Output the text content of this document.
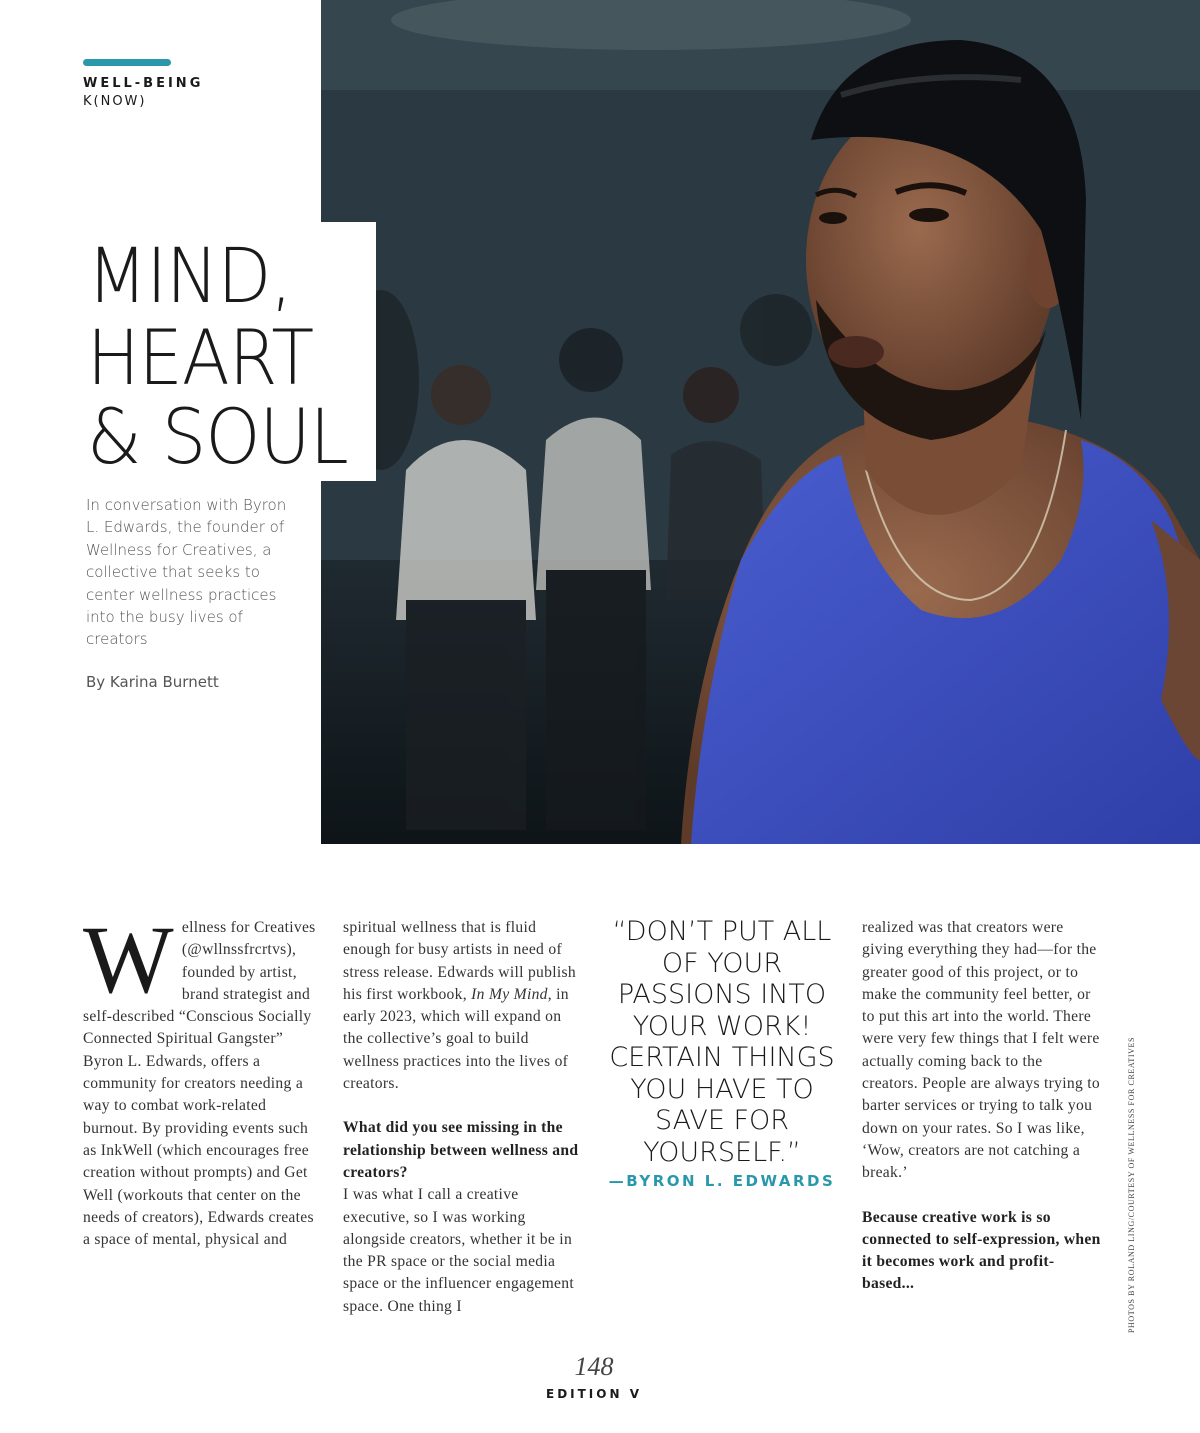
WELL-BEING
K(NOW)
MIND,
HEART
& SOUL
In conversation with Byron L. Edwards, the founder of Wellness for Creatives, a collective that seeks to center wellness practices into the busy lives of creators
By Karina Burnett

Wellness for Creatives (@wllnssfrcrtvs), founded by artist, brand strategist and self-described “Conscious Socially Connected Spiritual Gangster” Byron L. Edwards, offers a community for creators needing a way to combat work-related burnout. By providing events such as InkWell (which encourages free creation without prompts) and Get Well (workouts that center on the needs of creators), Edwards creates a space of mental, physical and

spiritual wellness that is fluid enough for busy artists in need of stress release. Edwards will publish his first workbook, In My Mind, in early 2023, which will expand on the collective’s goal to build wellness practices into the lives of creators.

What did you see missing in the relationship between wellness and creators?

I was what I call a creative executive, so I was working alongside creators, whether it be in the PR space or the social media space or the influencer engagement space. One thing I

“DON’T PUT ALL OF YOUR PASSIONS INTO YOUR WORK! CERTAIN THINGS YOU HAVE TO SAVE FOR YOURSELF.”
—BYRON L. EDWARDS

realized was that creators were giving everything they had—for the greater good of this project, or to make the community feel better, or to put this art into the world. There were very few things that I felt were actually coming back to the creators. People are always trying to barter services or trying to talk you down on your rates. So I was like, ‘Wow, creators are not catching a break.’

Because creative work is so connected to self-expression, when it becomes work and profit-based...	PHOTOS BY ROLAND LING/COURTESY OF WELLNESS FOR CREATIVES
148
EDITION V
